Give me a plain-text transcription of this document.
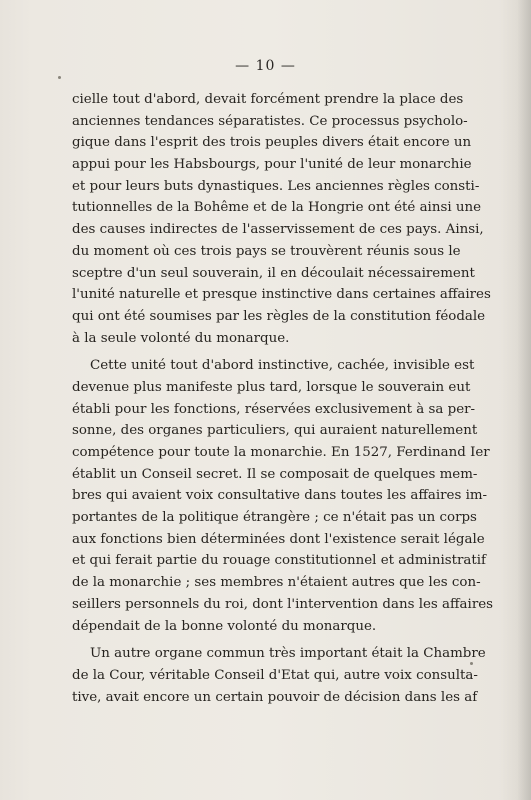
— 10 —
cielle tout d'abord, devait forcément prendre la place des
anciennes tendances séparatistes. Ce processus psycholo-
gique dans l'esprit des trois peuples divers était encore un
appui pour les Habsbourgs, pour l'unité de leur monarchie
et pour leurs buts dynastiques. Les anciennes règles consti-
tutionnelles de la Bohême et de la Hongrie ont été ainsi une
des causes indirectes de l'asservissement de ces pays. Ainsi,
du moment où ces trois pays se trouvèrent réunis sous le
sceptre d'un seul souverain, il en découlait nécessairement
l'unité naturelle et presque instinctive dans certaines affaires
qui ont été soumises par les règles de la constitution féodale
à la seule volonté du monarque.
Cette unité tout d'abord instinctive, cachée, invisible est
devenue plus manifeste plus tard, lorsque le souverain eut
établi pour les fonctions, réservées exclusivement à sa per-
sonne, des organes particuliers, qui auraient naturellement
compétence pour toute la monarchie. En 1527, Ferdinand Ier
établit un Conseil secret. Il se composait de quelques mem-
bres qui avaient voix consultative dans toutes les affaires im-
portantes de la politique étrangère ; ce n'était pas un corps
aux fonctions bien déterminées dont l'existence serait légale
et qui ferait partie du rouage constitutionnel et administratif
de la monarchie ; ses membres n'étaient autres que les con-
seillers personnels du roi, dont l'intervention dans les affaires
dépendait de la bonne volonté du monarque.
Un autre organe commun très important était la Chambre
de la Cour, véritable Conseil d'Etat qui, autre voix consulta-
tive, avait encore un certain pouvoir de décision dans les af
